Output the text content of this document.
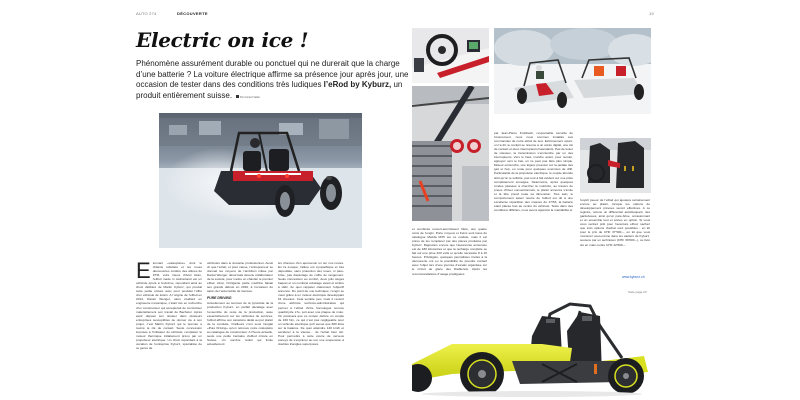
AUTO 274	DÉCOUVERTE
Electric on ice !
Phénomène assurément durable ou ponctuel qui ne durerait que la charge d’une batterie ? La voiture électrique affirme sa présence jour après jour, une occasion de tester dans des conditions très ludiques l’eRod by Kyburz, un produit entièrement suisse.	Par Gérard Vallat
Etonnant «caléoptère» dont le châssis tubulaire et les roues découvertes confère des allures de KTM, voire mieux d’Ariel Atom, l’eRod made in switzerland est un véhicule épuré à l’extrême, répondant ainsi au choix délibéré de Martin Kyburz, qui produit cette petite voiture avec pour postulat l’offre d’un véhicule de loisirs. A l’origine de l’eRod en 2014, Daniel Wenger, alors étudiant en engineerie mécanique, c’était mis en recherche d’un constructeur qui accepterait de concrétiser matériellement son travail de Bachelor. Après avoir déposé son dossier dans plusieurs entreprises susceptibles de donner vie à son projet, c’est Martin Kyburz qui le premier a tourné la clé de contact. Seule concession imposée à l’initiateur du véhicule, remplacer le moteur thermique initialement prévu par un propulseur électrique. Un choix répondant à la vocation de l’entreprise Kyburz, spécialiste de ce genre de
véhicules dans le domaine professionnel. Aussi vit que l’éclair, et pour cause, l’entrepreneur se donnait les moyens de l’ambition initiée par Daniel Wenger, désormais devenu collaborateur de la société, pour mettre en chantier le premier eRod. Ainsi, l’intrigante petite machine faisait ses grands débuts en 2016, à l’occasion du salon de l’automobile de Genève.
PURE DRIVING
Actuellement au sommet de la pyramide de la production Kyburz, en parfait décalage avec l’ensemble du reste de la production, axée essentiellement sur les véhicules de services, l’eRod affirme son caractère dédié au pur plaisir de la conduite. D’ailleurs c’est sous l’anglat «Pure Driving» qu’on retrouve notre coléoptère au catalogue du constructeur. A l’heure actuelle, seule une petite trentaine d’eRod circule en Suisse. Un nombre réduit qui limite actuellement
les chances d’en apercevoir un sur nos routes. En l’a évoqué, l’allure est sympathique et très dépouillée, sans protection des roues, ni pare-brise, pas davantage de coffre de rangement. Seule concession au confort, deux jolis sièges baquet et un combiné éclairage avant et arrière à LED, de quoi rappeler clairement l’objectif annoncé. Du point de vue technique, l’engin se meut grâce à un moteur électrique développant 61 chevaux. Cela semble peu, mais il ressort d’une alchimie technico-administrative qui permet à l’eRod d’être homologué comme quadricycle L7e, soit avec une plaque de moto. On précisera que ce moteur délivre un couple de 160 Nm, ce qui n’est pas négligeable pour un véhicule électrique qu’il avoue que 600 kilos sur la balance. De quoi atteindre 120 km/h et accélérer à la vitesse… de l’éclair bien sûr. Pour permettre à cette écurie de nerveux poneys de s’exprimer au sol, une suspension à doubles triangles superposés
19
et combinés ressort-amortisseur fileté, aux quatre coins de l’engin. Porte moyeux et freins sont issus du catalogue Mazda MX5 sur ce modèle, mais il est prévu de les remplacer par des pièces produites par Kyburz. Rajoutons encore que l’autonomie annoncée est de 180 kilomètres et que la recharge complète se fait sur une prise 220 volts et qu’elle nécessite 8 à 10 heures. Privilégiés, quelques journalistes invités à la découverte ont eu la possibilité de prendre contact avec l’objet lors d’une journée d’essais organisée sur le circuit de glace des Diablerets. Après les recommandations d’usage prodiguées
par Jean-Pierre Krobbach, responsable sécurité de l’événement, nous nous sommes installés aux commandes de notre eRod de test. Extrêmement épuré, on l’a dit, le cockpit se résume à un écran digital, une clé de contact et deux interrupteurs basculants. Pas de levier de vitesses, la transmission s’enclenche par un des interrupteurs. Vers le haut, marche avant, pour reculer, appuyez vers le bas, on ne peut pas faire plus simple. Moteur enclenché, une légère pression sur la pédale des gaz et hop, en route pour quelques exercices de drift. Particularité de la propulsion électrique, le couple abonde sitôt qu’on le sollicite, pas tout à fait évident sur une piste complètement enneigée. Néanmoins, après quelques rondes passées à chercher la motricité, au travers de pneus d’hiver conventionnels, le plaisir annoncé s’invite et la fête prend toute sa dimension. Très sain, le comportement assez neutre de l’eRod est dû à une excellente répartition des masses de 47/53, la batterie étant placée bas au centre du véhicule. Testé dans des conditions difficiles, nous avons apprécié la maniabilité et
l’esprit joueur de l’eRod qui ajoutera certainement encore au plaisir, lorsque les options de développement prévues seront effectives. A ce registre, notons un différentiel autobloquant, des gardeboues, ainsi qu’un pare-brise, occasionnant et un ensemble tout et portes en option. Si vous vous sentiez prêt pour l’aventure eRod, sachez que trois options d’achat sont possibles : en kit pour le prix de CHF 37’500.–, en kit que vous monterez vous-même dans les ateliers de Kyburz, soutenu par un technicien (CHF 39’600.–), ou livré clé en main contre CHF 42’500.–.
www.kyburz.ch
Suite page 20
